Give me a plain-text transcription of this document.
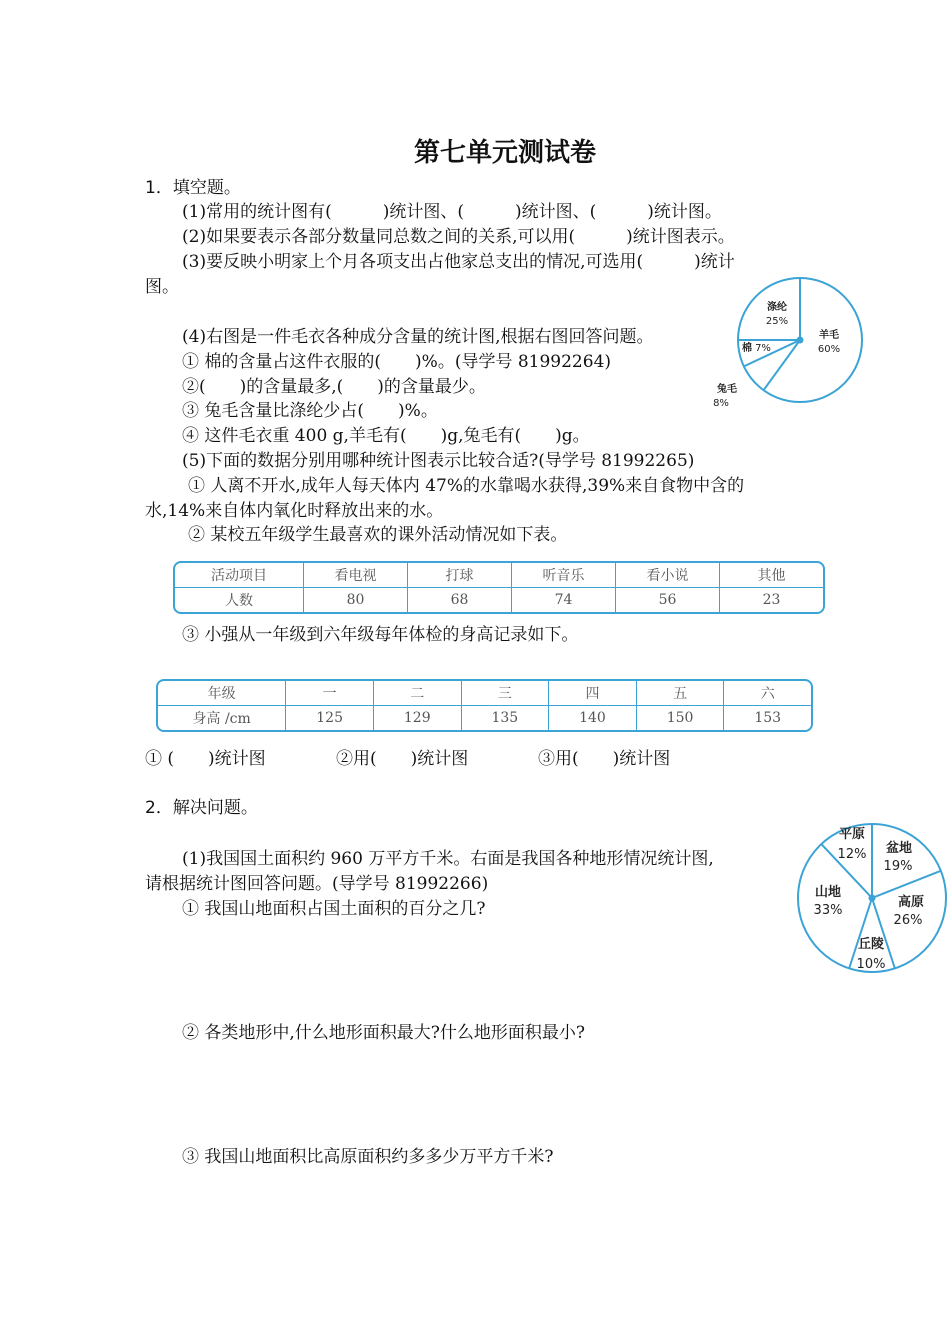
第七单元测试卷
1．填空题。
(1)常用的统计图有(　　　)统计图、(　　　)统计图、(　　　)统计图。
(2)如果要表示各部分数量同总数之间的关系,可以用(　　　)统计图表示。
(3)要反映小明家上个月各项支出占他家总支出的情况,可选用(　　　)统计
图。
(4)右图是一件毛衣各种成分含量的统计图,根据右图回答问题。
① 棉的含量占这件衣服的(　　)%。(导学号 81992264)
②(　　)的含量最多,(　　)的含量最少。
③ 兔毛含量比涤纶少占(　　)%。
④ 这件毛衣重 400 g,羊毛有(　　)g,兔毛有(　　)g。
(5)下面的数据分别用哪种统计图表示比较合适?(导学号 81992265)
① 人离不开水,成年人每天体内 47%的水靠喝水获得,39%来自食物中含的
水,14%来自体内氧化时释放出来的水。
② 某校五年级学生最喜欢的课外活动情况如下表。
活动项目	看电视	打球	听音乐	看小说	其他
人数	80	68	74	56	23
③ 小强从一年级到六年级每年体检的身高记录如下。
年级	一	二	三	四	五	六
身高 /cm	125	129	135	140	150	153
① (　　)统计图	②用(　　)统计图	③用(　　)统计图
2．解决问题。
(1)我国国土面积约 960 万平方千米。右面是我国各种地形情况统计图,
请根据统计图回答问题。(导学号 81992266)
① 我国山地面积占国土面积的百分之几?
② 各类地形中,什么地形面积最大?什么地形面积最小?
③ 我国山地面积比高原面积约多多少万平方千米?
羊毛
60%
兔毛
8%
棉 7%
涤纶
25%
盆地
19%
高原
26%
丘陵
10%
山地
33%
平原
12%
